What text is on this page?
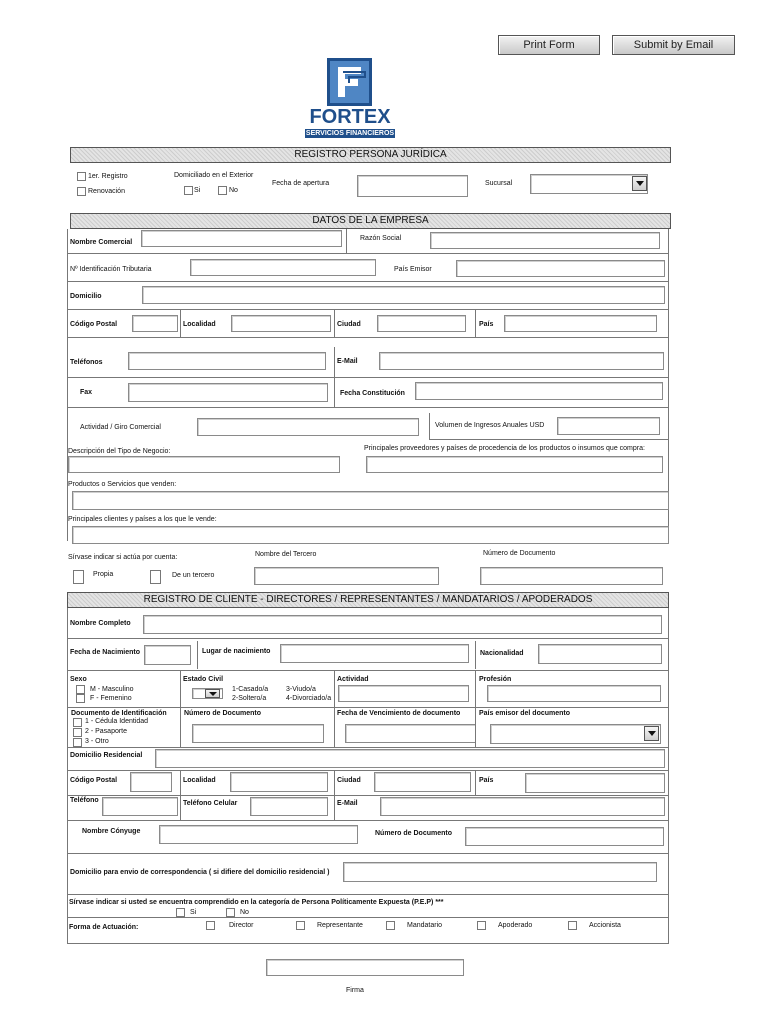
Print Form	Submit by Email
FORTEX
SERVICIOS FINANCIEROS
REGISTRO PERSONA JURÍDICA
1er. Registro
Renovación
Domiciliado en el Exterior
Si	No
Fecha de apertura	Sucursal
DATOS DE LA EMPRESA
Nombre Comercial
Razón Social
Nº Identificación Tributaria	País Emisor
Domicilio
Código Postal	Localidad	Ciudad	País
Teléfonos	E-Mail
Fax	Fecha Constitución
Actividad / Giro Comercial	Volumen de Ingresos Anuales USD
Descripción del Tipo de Negocio:	Principales proveedores y países de procedencia de los productos o insumos que compra:
Productos o Servicios que venden:
Principales clientes y países a los que le vende:
Sírvase indicar si actúa por cuenta:	Nombre del Tercero	Número de Documento
Propia	De un tercero
REGISTRO DE CLIENTE - DIRECTORES / REPRESENTANTES / MANDATARIOS / APODERADOS
Nombre Completo
Fecha de Nacimiento	Lugar de nacimiento	Nacionalidad
Sexo
M - Masculino
F - Femenino
Estado Civil
1-Casado/a
2-Soltero/a
3-Viudo/a
4-Divorciado/a
Actividad	Profesión
Documento de Identificación
1 - Cédula Identidad
2 - Pasaporte
3 - Otro
Número de Documento	Fecha de Vencimiento de documento	País emisor del documento
Domicilio Residencial
Código Postal	Localidad	Ciudad	País
Teléfono	Teléfono Celular	E-Mail
Nombre Cónyuge	Número de Documento
Domicilio para envio de correspondencia ( si difiere del domicilio residencial )
Sírvase indicar si usted se encuentra comprendido en la categoría de Persona Políticamente Expuesta (P.E.P) ***
Si	No
Forma de Actuación:	Director	Representante	Mandatario	Apoderado	Accionista
Firma
